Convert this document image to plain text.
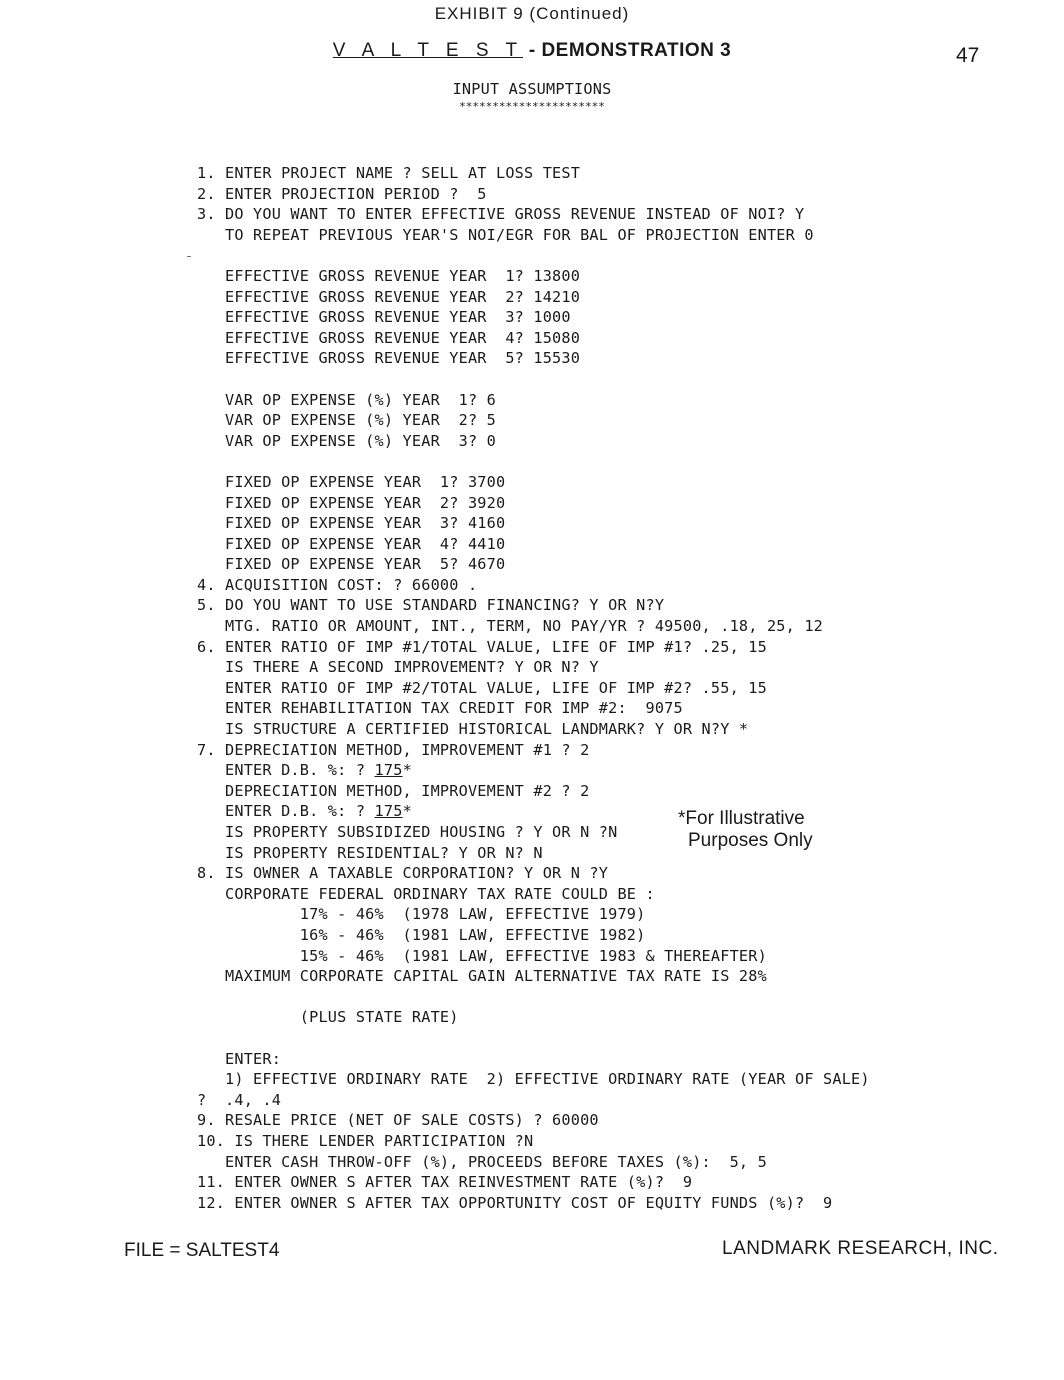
EXHIBIT 9 (Continued)
V A L T E S T - DEMONSTRATION 3	47
INPUT ASSUMPTIONS
**********************
1. ENTER PROJECT NAME ? SELL AT LOSS TEST
2. ENTER PROJECTION PERIOD ?  5
3. DO YOU WANT TO ENTER EFFECTIVE GROSS REVENUE INSTEAD OF NOI? Y
TO REPEAT PREVIOUS YEAR'S NOI/EGR FOR BAL OF PROJECTION ENTER 0
EFFECTIVE GROSS REVENUE YEAR  1? 13800
EFFECTIVE GROSS REVENUE YEAR  2? 14210
EFFECTIVE GROSS REVENUE YEAR  3? 1000
EFFECTIVE GROSS REVENUE YEAR  4? 15080
EFFECTIVE GROSS REVENUE YEAR  5? 15530
VAR OP EXPENSE (%) YEAR  1? 6
VAR OP EXPENSE (%) YEAR  2? 5
VAR OP EXPENSE (%) YEAR  3? 0
FIXED OP EXPENSE YEAR  1? 3700
FIXED OP EXPENSE YEAR  2? 3920
FIXED OP EXPENSE YEAR  3? 4160
FIXED OP EXPENSE YEAR  4? 4410
FIXED OP EXPENSE YEAR  5? 4670
4. ACQUISITION COST: ? 66000 .
5. DO YOU WANT TO USE STANDARD FINANCING? Y OR N?Y
MTG. RATIO OR AMOUNT, INT., TERM, NO PAY/YR ? 49500, .18, 25, 12
6. ENTER RATIO OF IMP #1/TOTAL VALUE, LIFE OF IMP #1? .25, 15
IS THERE A SECOND IMPROVEMENT? Y OR N? Y
ENTER RATIO OF IMP #2/TOTAL VALUE, LIFE OF IMP #2? .55, 15
ENTER REHABILITATION TAX CREDIT FOR IMP #2:  9075
IS STRUCTURE A CERTIFIED HISTORICAL LANDMARK? Y OR N?Y *
7. DEPRECIATION METHOD, IMPROVEMENT #1 ? 2
ENTER D.B. %: ? 175*
DEPRECIATION METHOD, IMPROVEMENT #2 ? 2
ENTER D.B. %: ? 175*
IS PROPERTY SUBSIDIZED HOUSING ? Y OR N ?N
IS PROPERTY RESIDENTIAL? Y OR N? N
8. IS OWNER A TAXABLE CORPORATION? Y OR N ?Y
CORPORATE FEDERAL ORDINARY TAX RATE COULD BE :
17% - 46%  (1978 LAW, EFFECTIVE 1979)
16% - 46%  (1981 LAW, EFFECTIVE 1982)
15% - 46%  (1981 LAW, EFFECTIVE 1983 & THEREAFTER)
MAXIMUM CORPORATE CAPITAL GAIN ALTERNATIVE TAX RATE IS 28%
(PLUS STATE RATE)
ENTER:
1) EFFECTIVE ORDINARY RATE  2) EFFECTIVE ORDINARY RATE (YEAR OF SALE)
?  .4, .4
9. RESALE PRICE (NET OF SALE COSTS) ? 60000
10. IS THERE LENDER PARTICIPATION ?N
ENTER CASH THROW-OFF (%), PROCEEDS BEFORE TAXES (%):  5, 5
11. ENTER OWNER S AFTER TAX REINVESTMENT RATE (%)?  9
12. ENTER OWNER S AFTER TAX OPPORTUNITY COST OF EQUITY FUNDS (%)?  9
*For Illustrative
Purposes Only
FILE = SALTEST4	LANDMARK RESEARCH, INC.
